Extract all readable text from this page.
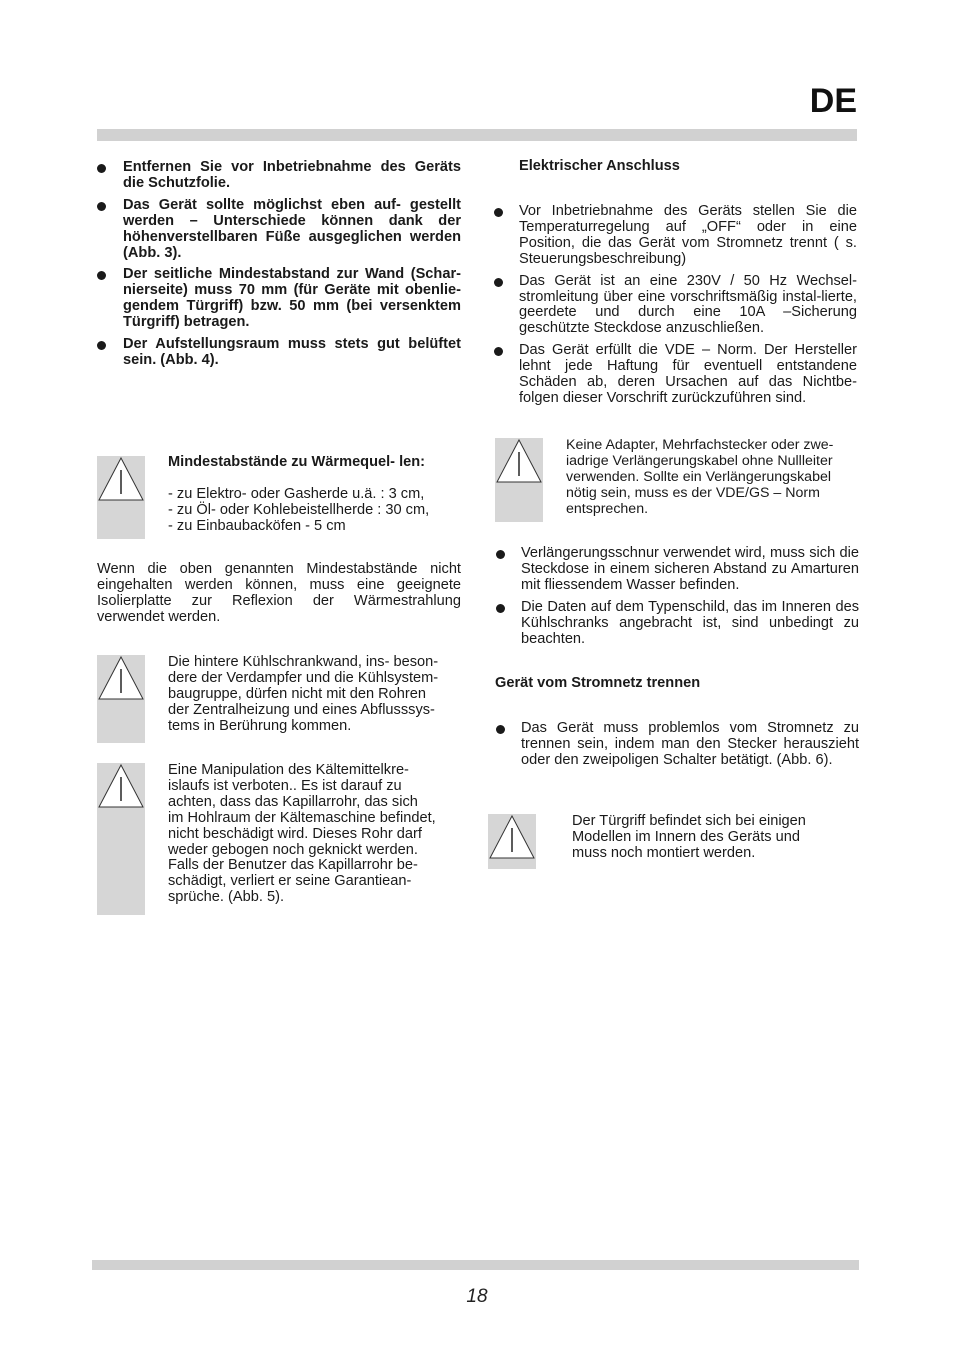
DE
Entfernen Sie vor Inbetriebnahme des Geräts die Schutzfolie.
Das Gerät sollte möglichst eben auf- gestellt werden – Unterschiede können dank der höhenverstellbaren Füße ausgeglichen werden (Abb. 3).
Der seitliche Mindestabstand zur Wand (Schar-nierseite) muss 70 mm (für Geräte mit obenlie-gendem Türgriff) bzw. 50 mm (bei versenktem Türgriff) betragen.
Der Aufstellungsraum muss stets gut belüftet sein. (Abb. 4).
Mindestabstände zu Wärmequel- len:
- zu Elektro- oder Gasherde u.ä. : 3 cm,
- zu Öl- oder Kohlebeistellherde : 30 cm,
- zu Einbaubacköfen - 5 cm
Wenn die oben genannten Mindestabstände nicht eingehalten werden können, muss eine geeignete Isolierplatte zur Reflexion der Wärmestrahlung verwendet werden.
Die hintere Kühlschrankwand, ins- beson-
dere der Verdampfer und die Kühlsystem-
baugruppe, dürfen nicht mit den Rohren
der Zentralheizung und eines Abflusssys-
tems in Berührung kommen.
Eine Manipulation des Kältemittelkre-
islaufs ist verboten.. Es ist darauf zu
achten, dass das Kapillarrohr, das sich
im Hohlraum der Kältemaschine befindet,
nicht beschädigt wird. Dieses Rohr darf
weder gebogen noch geknickt werden.
Falls der Benutzer das Kapillarrohr be-
schädigt, verliert er seine Garantiean-
sprüche. (Abb. 5).
Elektrischer Anschluss
Vor Inbetriebnahme des Geräts stellen Sie die Temperaturregelung auf „OFF“ oder in eine Position, die das Gerät vom Stromnetz trennt ( s. Steuerungsbeschreibung)
Das Gerät ist an eine 230V / 50 Hz Wechsel-stromleitung über eine vorschriftsmäßig instal-lierte, geerdete und durch eine 10A –Sicherung geschützte Steckdose anzuschließen.
Das Gerät erfüllt die VDE – Norm. Der Hersteller lehnt jede Haftung für eventuell entstandene Schäden ab, deren Ursachen auf das Nichtbe-folgen dieser Vorschrift zurückzuführen sind.
Keine Adapter, Mehrfachstecker oder zwe-
iadrige Verlängerungskabel ohne Nullleiter
verwenden. Sollte ein Verlängerungskabel
nötig sein, muss es der VDE/GS – Norm
entsprechen.
Verlängerungsschnur verwendet wird, muss sich die Steckdose in einem sicheren Abstand zu Amarturen mit fliessendem Wasser befinden.
Die Daten auf dem Typenschild, das im Inneren des Kühlschranks angebracht ist, sind unbedingt zu beachten.
Gerät vom Stromnetz trennen
Das Gerät muss problemlos vom Stromnetz zu trennen sein, indem man den Stecker herauszieht oder den zweipoligen Schalter betätigt. (Abb. 6).
Der Türgriff befindet sich bei einigen
Modellen im Innern des Geräts und
muss noch montiert werden.
18
